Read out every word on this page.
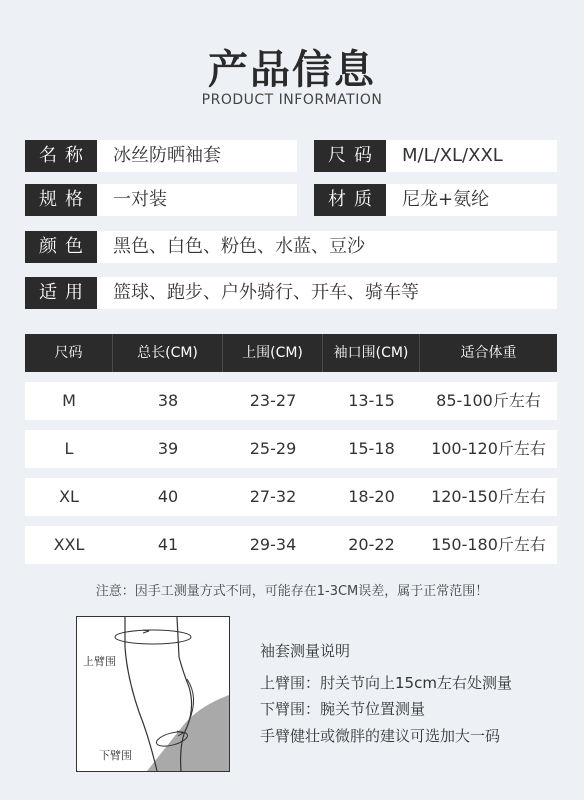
产品信息
PRODUCT INFORMATION
名称	冰丝防晒袖套	尺码	M/L/XL/XXL
规格	一对装	材质	尼龙+氨纶
颜色	黑色、白色、粉色、水蓝、豆沙
适用	篮球、跑步、户外骑行、开车、骑车等
尺码	总长(CM)	上围(CM)	袖口围(CM)	适合体重
M	38	23-27	13-15	85-100斤左右
L	39	25-29	15-18	100-120斤左右
XL	40	27-32	18-20	120-150斤左右
XXL	41	29-34	20-22	150-180斤左右
注意：因手工测量方式不同，可能存在1-3CM误差，属于正常范围！
上臂围
下臂围
袖套测量说明
上臂围：肘关节向上15cm左右处测量
下臂围：腕关节位置测量
手臂健壮或微胖的建议可选加大一码
